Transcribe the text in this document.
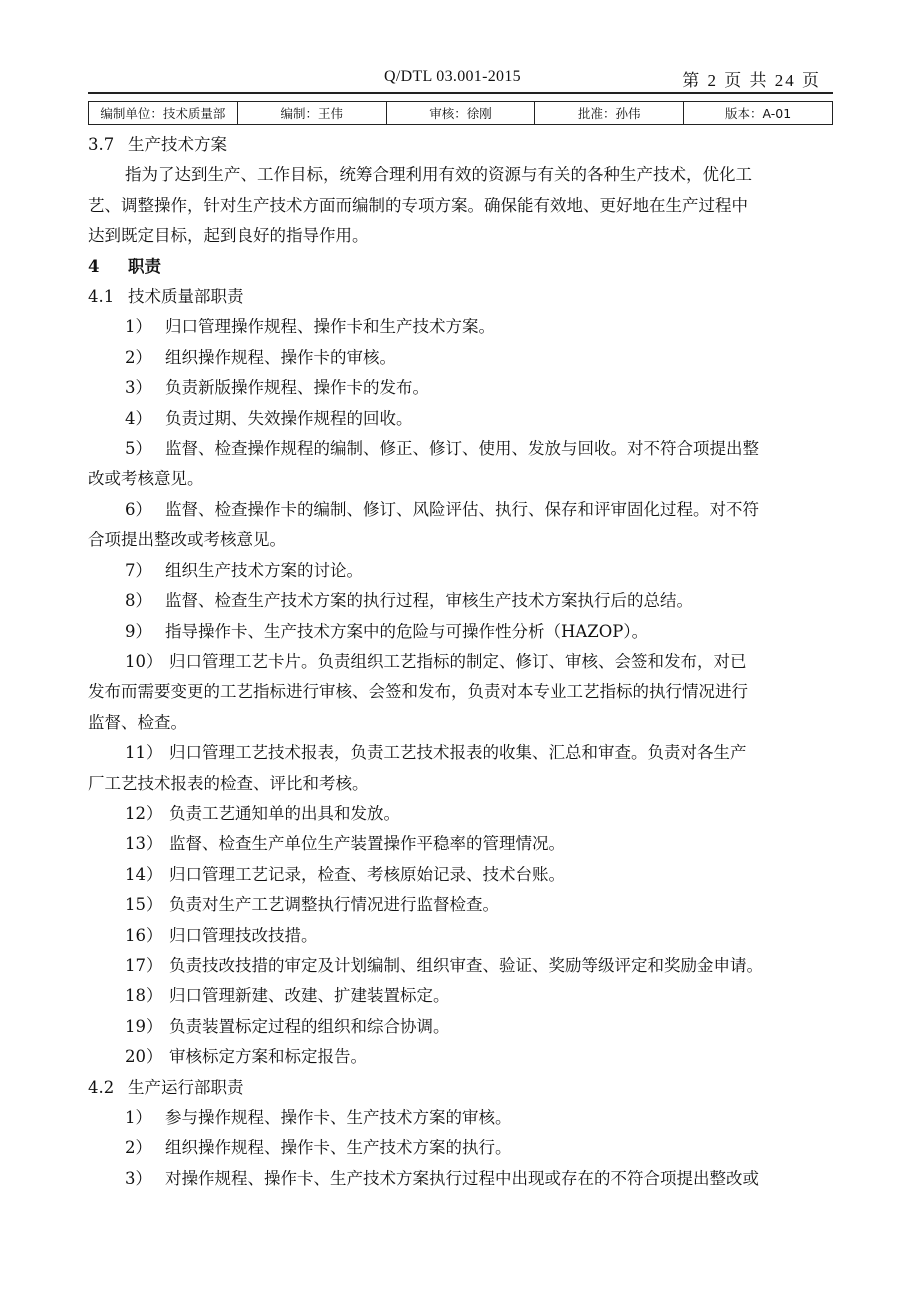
Q/DTL 03.001-2015	第 2 页 共 24 页
编制单位：技术质量部	编制：王伟	审核：徐刚	批准：孙伟	版本：A-01

3.7 生产技术方案

指为了达到生产、工作目标，统筹合理利用有效的资源与有关的各种生产技术，优化工

艺、调整操作，针对生产技术方面而编制的专项方案。确保能有效地、更好地在生产过程中

达到既定目标，起到良好的指导作用。

4 职责

4.1 技术质量部职责

1） 归口管理操作规程、操作卡和生产技术方案。

2） 组织操作规程、操作卡的审核。

3） 负责新版操作规程、操作卡的发布。

4） 负责过期、失效操作规程的回收。

5） 监督、检查操作规程的编制、修正、修订、使用、发放与回收。对不符合项提出整

改或考核意见。

6） 监督、检查操作卡的编制、修订、风险评估、执行、保存和评审固化过程。对不符

合项提出整改或考核意见。

7） 组织生产技术方案的讨论。

8） 监督、检查生产技术方案的执行过程，审核生产技术方案执行后的总结。

9） 指导操作卡、生产技术方案中的危险与可操作性分析（HAZOP）。

10） 归口管理工艺卡片。负责组织工艺指标的制定、修订、审核、会签和发布，对已

发布而需要变更的工艺指标进行审核、会签和发布，负责对本专业工艺指标的执行情况进行

监督、检查。

11） 归口管理工艺技术报表，负责工艺技术报表的收集、汇总和审查。负责对各生产

厂工艺技术报表的检查、评比和考核。

12） 负责工艺通知单的出具和发放。

13） 监督、检查生产单位生产装置操作平稳率的管理情况。

14） 归口管理工艺记录，检查、考核原始记录、技术台账。

15） 负责对生产工艺调整执行情况进行监督检查。

16） 归口管理技改技措。

17） 负责技改技措的审定及计划编制、组织审查、验证、奖励等级评定和奖励金申请。

18） 归口管理新建、改建、扩建装置标定。

19） 负责装置标定过程的组织和综合协调。

20） 审核标定方案和标定报告。

4.2 生产运行部职责

1） 参与操作规程、操作卡、生产技术方案的审核。

2） 组织操作规程、操作卡、生产技术方案的执行。

3） 对操作规程、操作卡、生产技术方案执行过程中出现或存在的不符合项提出整改或
